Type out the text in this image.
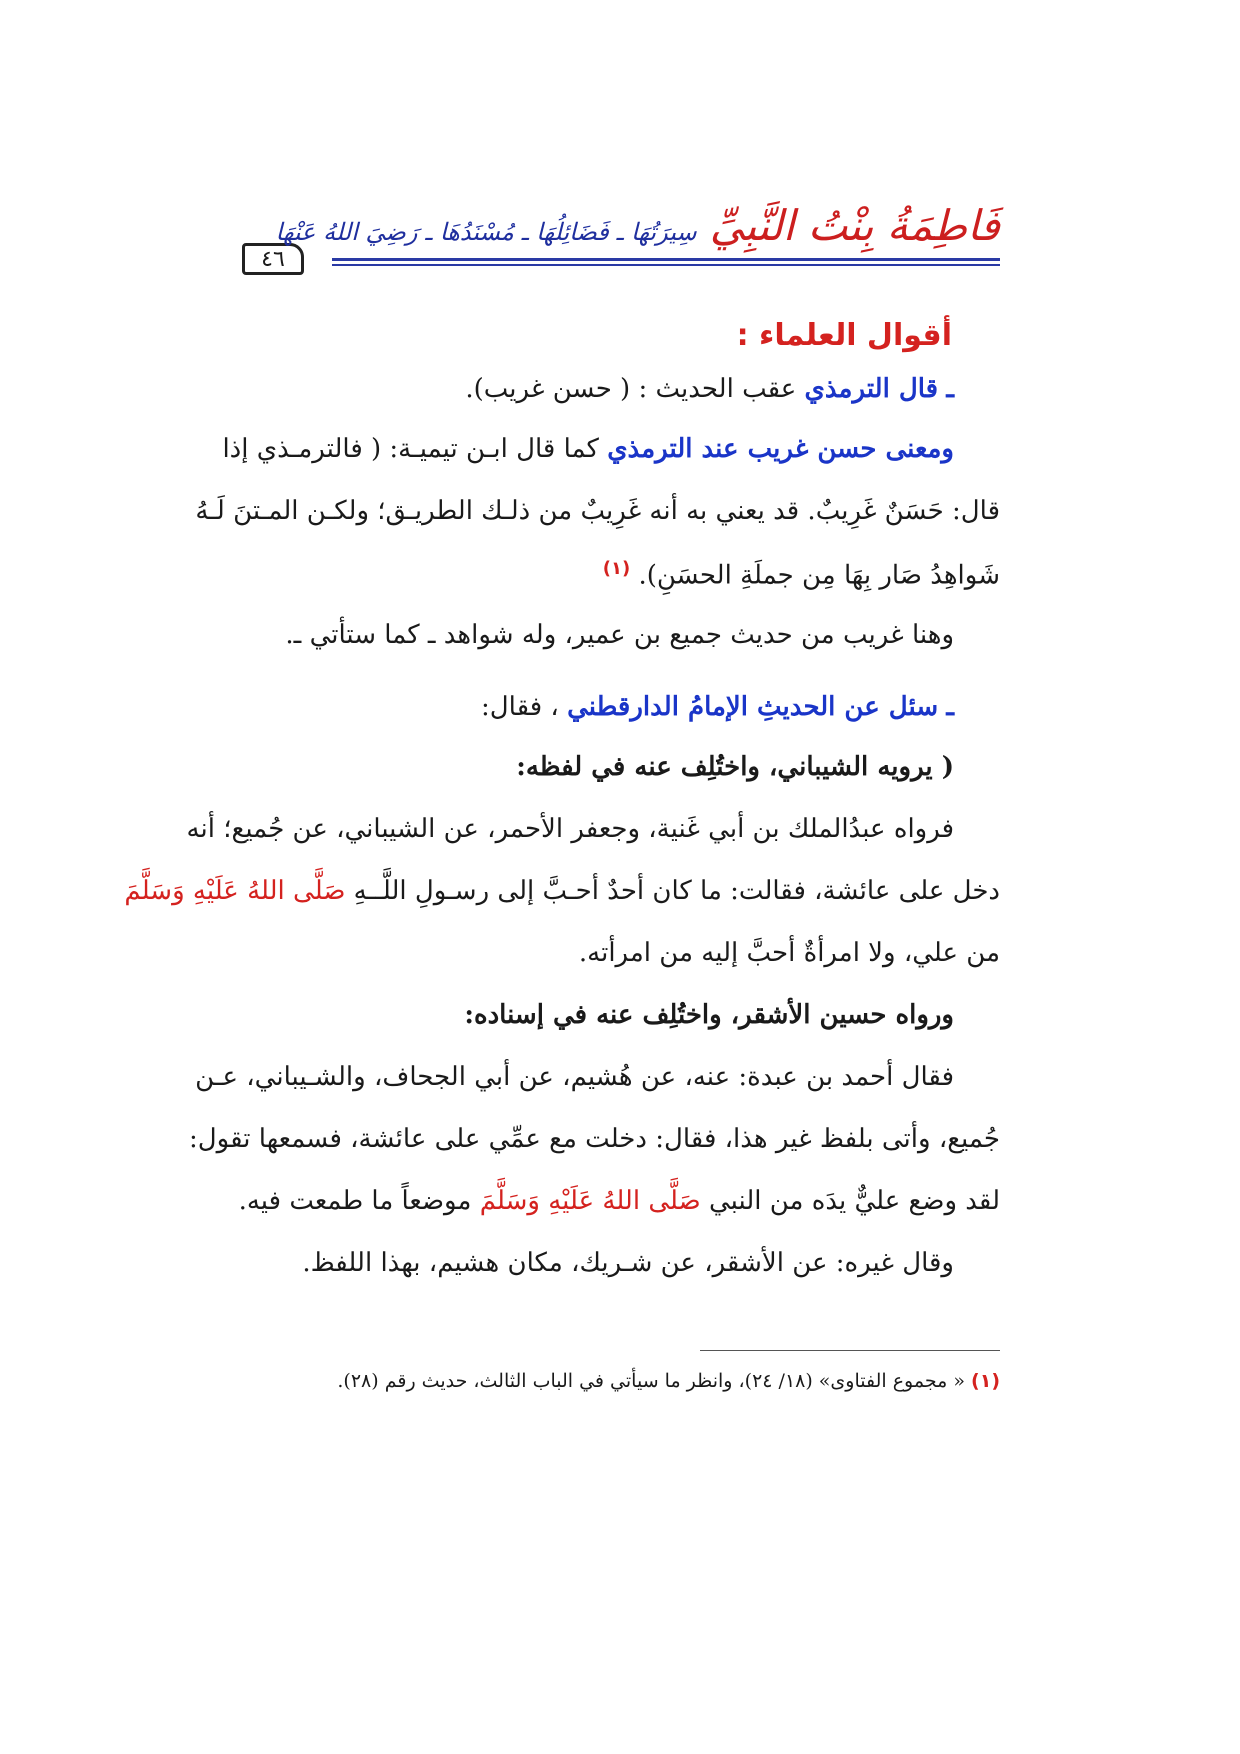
٤٦
فَاطِمَةُ بِنْتُ النَّبِيِّ سِيرَتُهَا ـ فَضَائِلُهَا ـ مُسْنَدُهَا ـ رَضِيَ اللهُ عَنْهَا
أقوال العلماء :
ـ قال الترمذي عقب الحديث : ( حسن غريب).
ومعنى حسن غريب عند الترمذي كما قال ابـن تيميـة: ( فالترمـذي إذا
قال: حَسَنٌ غَرِيبٌ. قد يعني به أنه غَرِيبٌ من ذلـك الطريـق؛ ولكـن المـتنَ لَـهُ
شَواهِدُ صَار بِهَا مِن جملَةِ الحسَنِ). $^{(١)}$
وهنا غريب من حديث جميع بن عمير، وله شواهد ـ كما ستأتي ـ.
ـ سئل عن الحديثِ الإمامُ الدارقطني ، فقال:
( يرويه الشيباني، واختُلِف عنه في لفظه:
فرواه عبدُالملك بن أبي غَنية، وجعفر الأحمر، عن الشيباني، عن جُميع؛ أنه
دخل على عائشة، فقالت: ما كان أحدٌ أحـبَّ إلى رسـولِ اللَّــهِ صَلَّى اللهُ عَلَيْهِ وَسَلَّمَ
من علي، ولا امرأةٌ أحبَّ إليه من امرأته.
ورواه حسين الأشقر، واختُلِف عنه في إسناده:
فقال أحمد بن عبدة: عنه، عن هُشيم، عن أبي الجحاف، والشـيباني، عـن
جُميع، وأتى بلفظ غير هذا، فقال: دخلت مع عمِّي على عائشة، فسمعها تقول:
لقد وضع عليٌّ يدَه من النبي صَلَّى اللهُ عَلَيْهِ وَسَلَّمَ موضعاً ما طمعت فيه.
وقال غيره: عن الأشقر، عن شـريك، مكان هشيم، بهذا اللفظ.
(١) « مجموع الفتاوى» (١٨/ ٢٤)، وانظر ما سيأتي في الباب الثالث، حديث رقم (٢٨).
